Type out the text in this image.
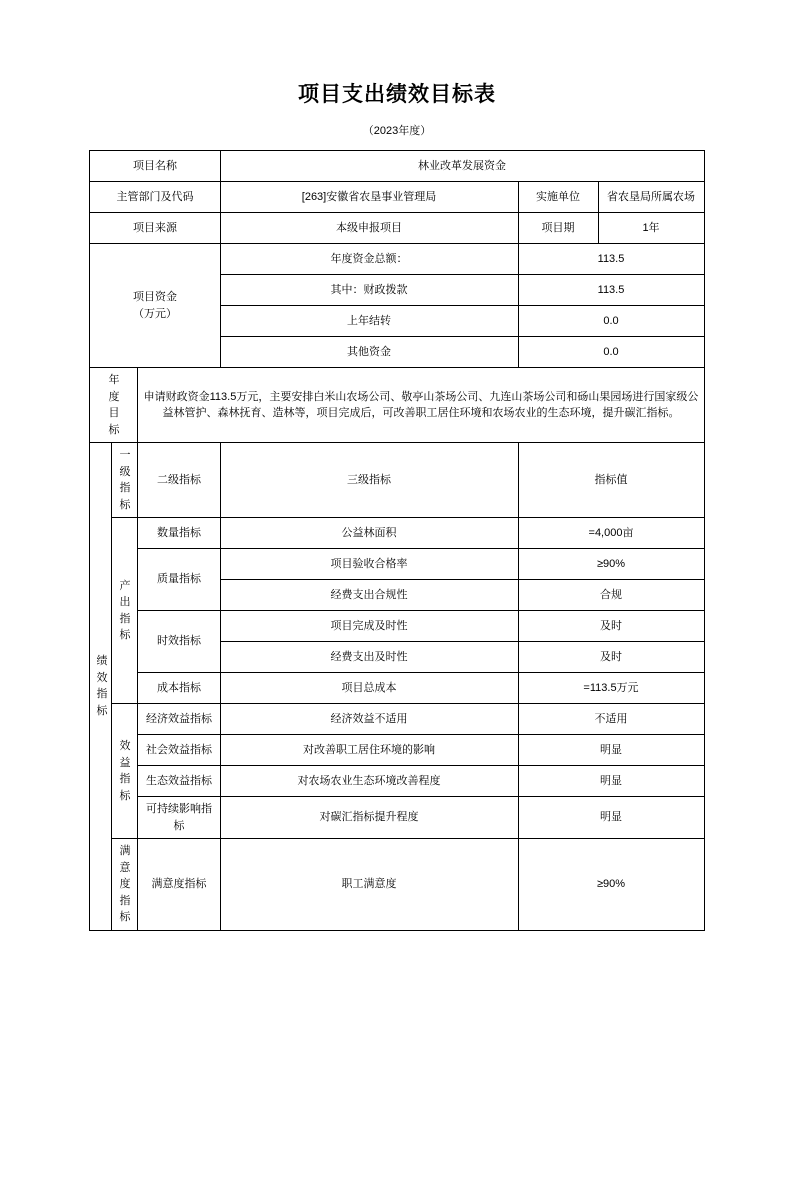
项目支出绩效目标表
（2023年度）
项目名称			林业改革发展资金		
主管部门及代码			[263]安徽省农垦事业管理局	实施单位	省农垦局所属农场
项目来源			本级申报项目	项目期	1年

项目资金
（万元）			年度资金总额：	113.5	
			其中：财政拨款	113.5	
			上年结转	0.0	
			其他资金	0.0	

年度目标		申请财政资金113.5万元，主要安排白米山农场公司、敬亭山茶场公司、九连山茶场公司和砀山果园场进行国家级公益林管护、森林抚育、造林等，项目完成后，可改善职工居住环境和农场农业的生态环境，提升碳汇指标。			

绩效指标	一级指标	二级指标	三级指标	指标值	

	产出指标	数量指标	公益林面积	=4,000亩	
		质量指标	项目验收合格率	≥90%	
			经费支出合规性	合规	
		时效指标	项目完成及时性	及时	
			经费支出及时性	及时	
		成本指标	项目总成本	=113.5万元	

	效益指标	经济效益指标	经济效益不适用	不适用	
		社会效益指标	对改善职工居住环境的影响	明显	
		生态效益指标	对农场农业生态环境改善程度	明显	
		可持续影响指标	对碳汇指标提升程度	明显	

	满意度指标	满意度指标	职工满意度	≥90%	
